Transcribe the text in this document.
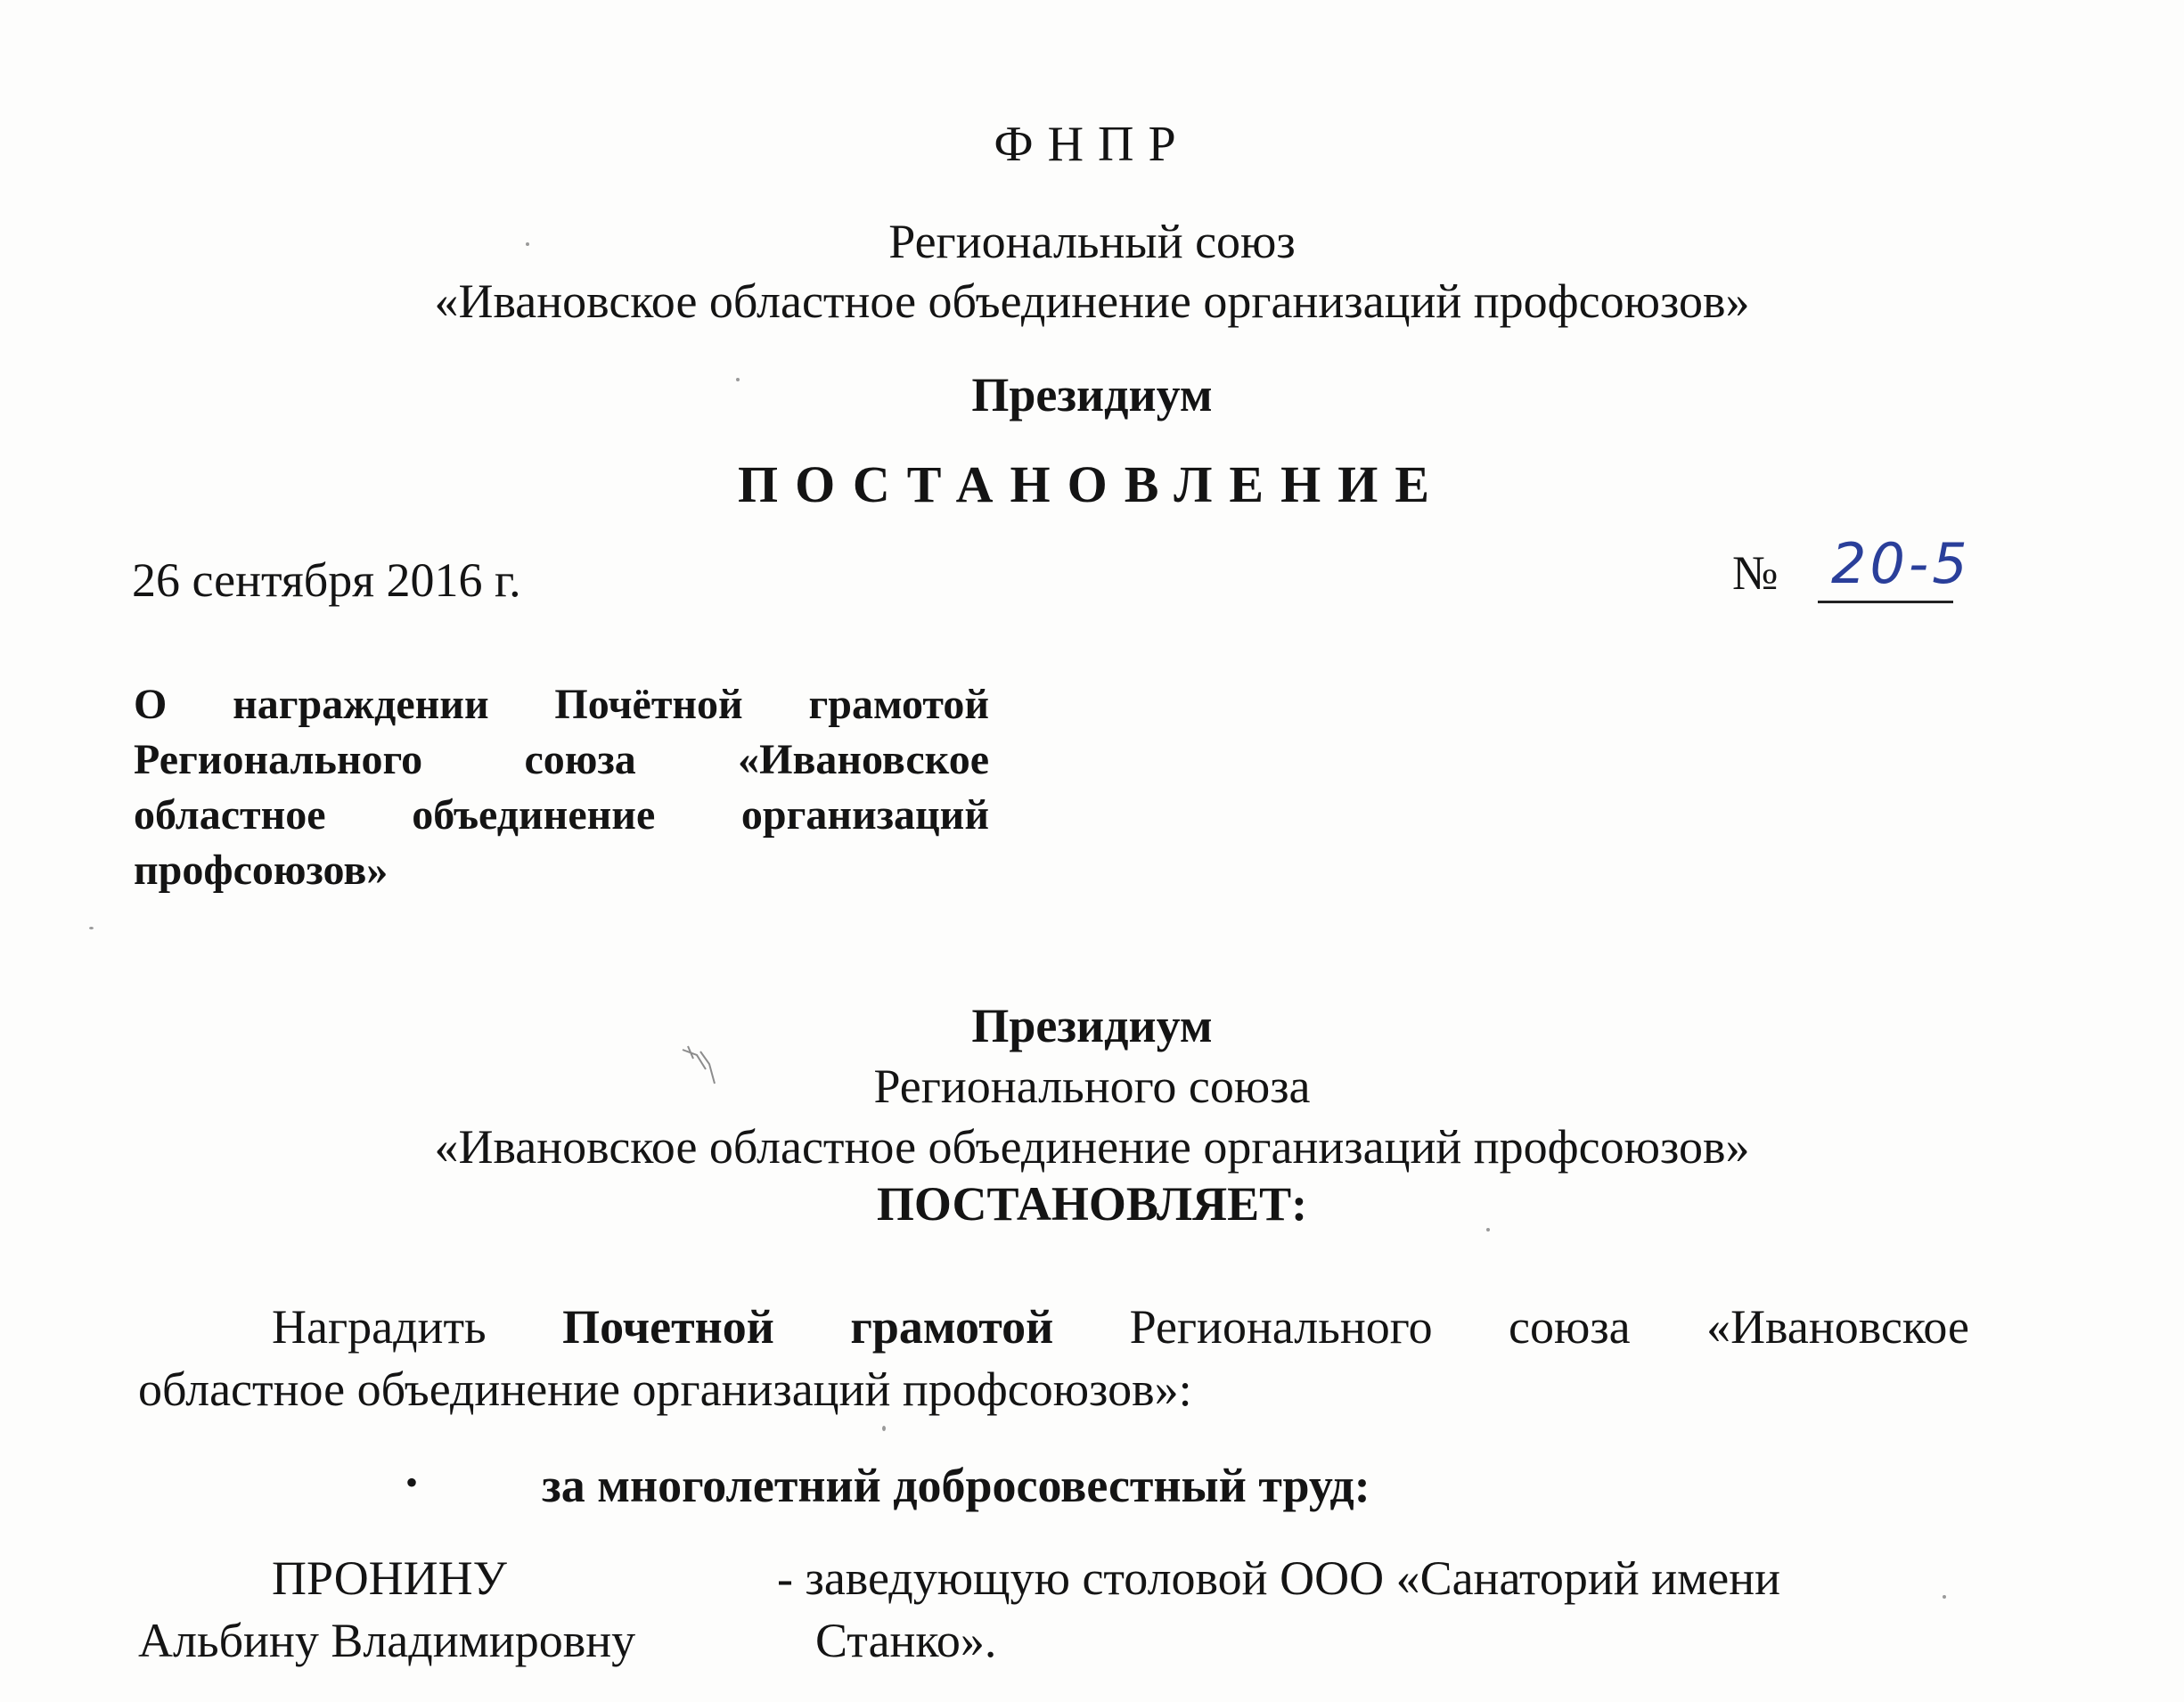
ФНПР
Региональный союз
«Ивановское областное объединение организаций профсоюзов»
Президиум
ПОСТАНОВЛЕНИЕ
26 сентября 2016 г.	№ 20-5
О награждении Почётной грамотой
Регионального союза «Ивановское
областное объединение организаций
профсоюзов»
Президиум
Регионального союза
«Ивановское областное объединение организаций профсоюзов»
ПОСТАНОВЛЯЕТ:
Наградить Почетной грамотой Регионального союза «Ивановское
областное объединение организаций профсоюзов»:
•	за многолетний добросовестный труд:
ПРОНИНУ
Альбину Владимировну
- заведующую столовой ООО «Санаторий имени
Станко».
